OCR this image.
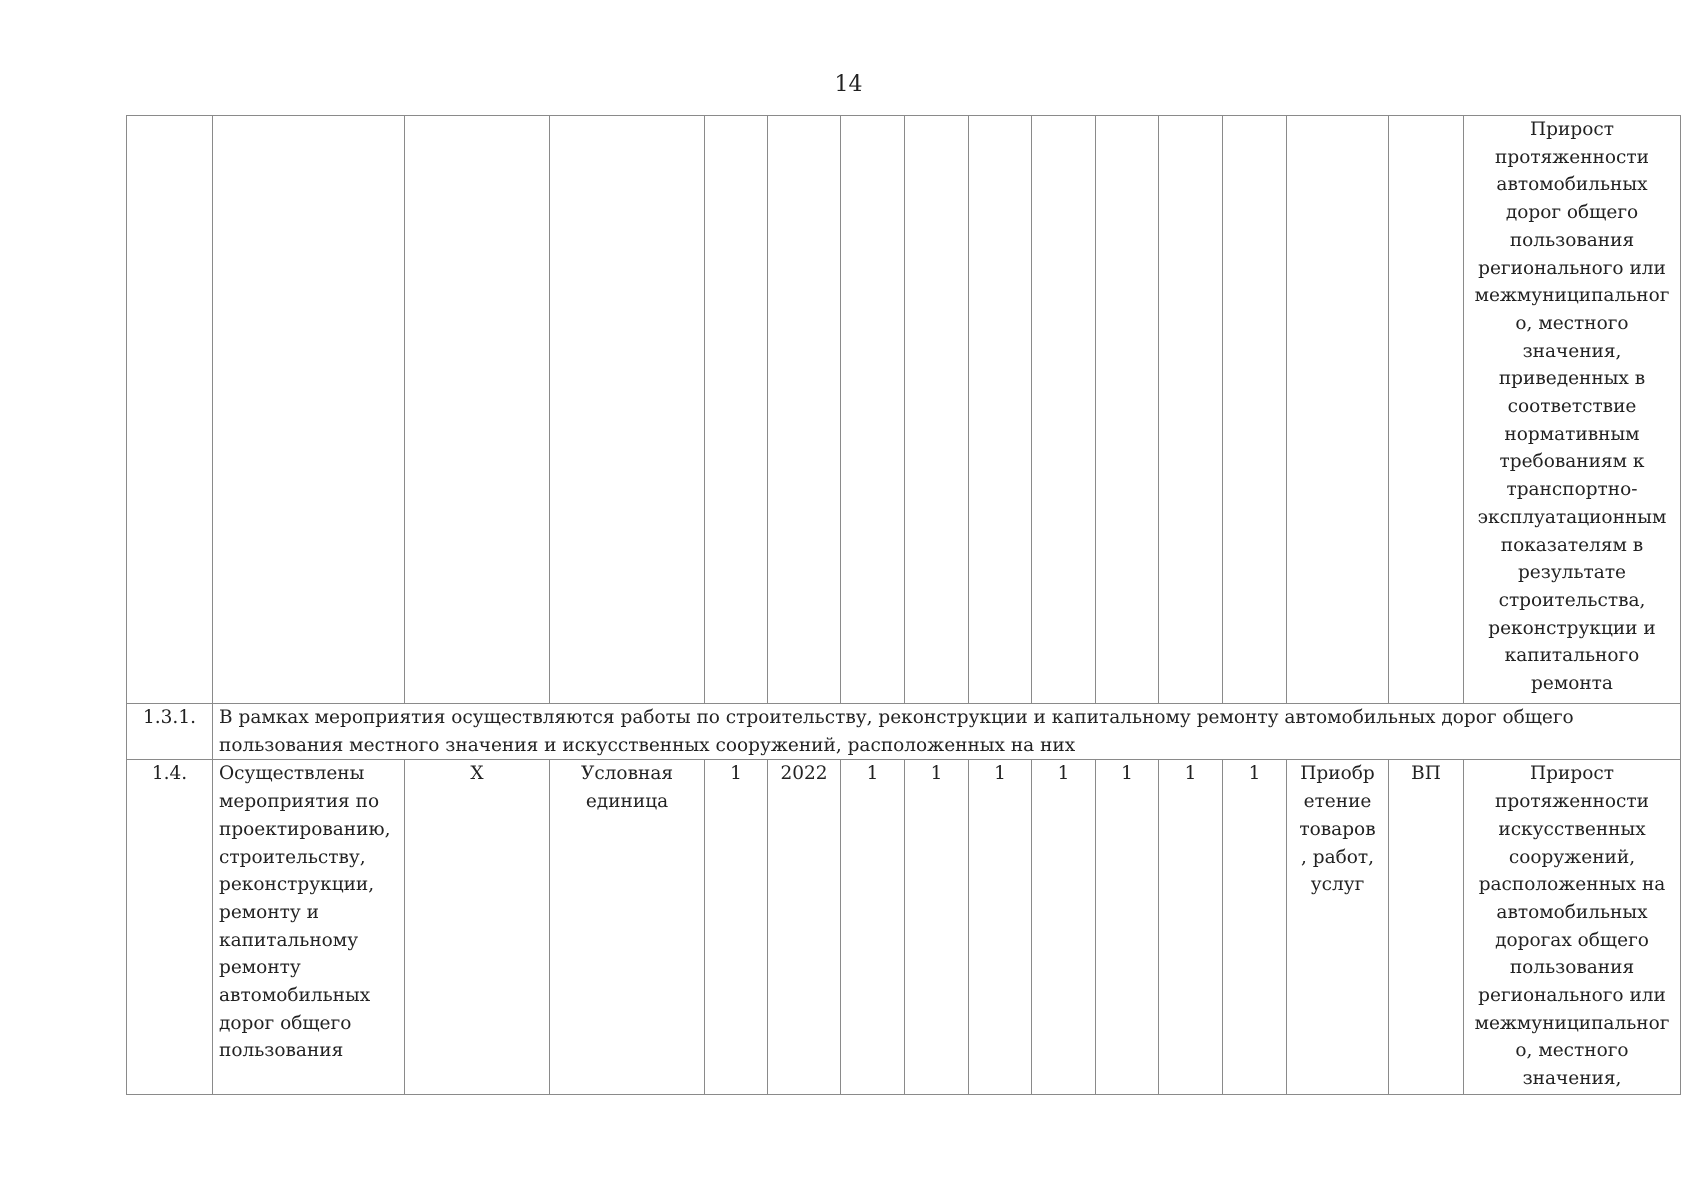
14
															Прирост протяженности автомобильных дорог общего пользования регионального или межмуниципальног о, местного значения, приведенных в соответствие нормативным требованиям к транспортно-эксплуатационным показателям в результате строительства, реконструкции и капитального ремонта
1.3.1.	В рамках мероприятия осуществляются работы по строительству, реконструкции и капитальному ремонту автомобильных дорог общего пользования местного значения и искусственных сооружений, расположенных на них														
1.4.	Осуществлены мероприятия по проектированию, строительству, реконструкции, ремонту и капитальному ремонту автомобильных дорог общего пользования	Х	Условная единица	1	2022	1	1	1	1	1	1	1	Приобр
етение
товаров
, работ,
услуг	ВП	Прирост протяженности искусственных сооружений, расположенных на автомобильных дорогах общего пользования регионального или межмуниципальног о, местного значения,
